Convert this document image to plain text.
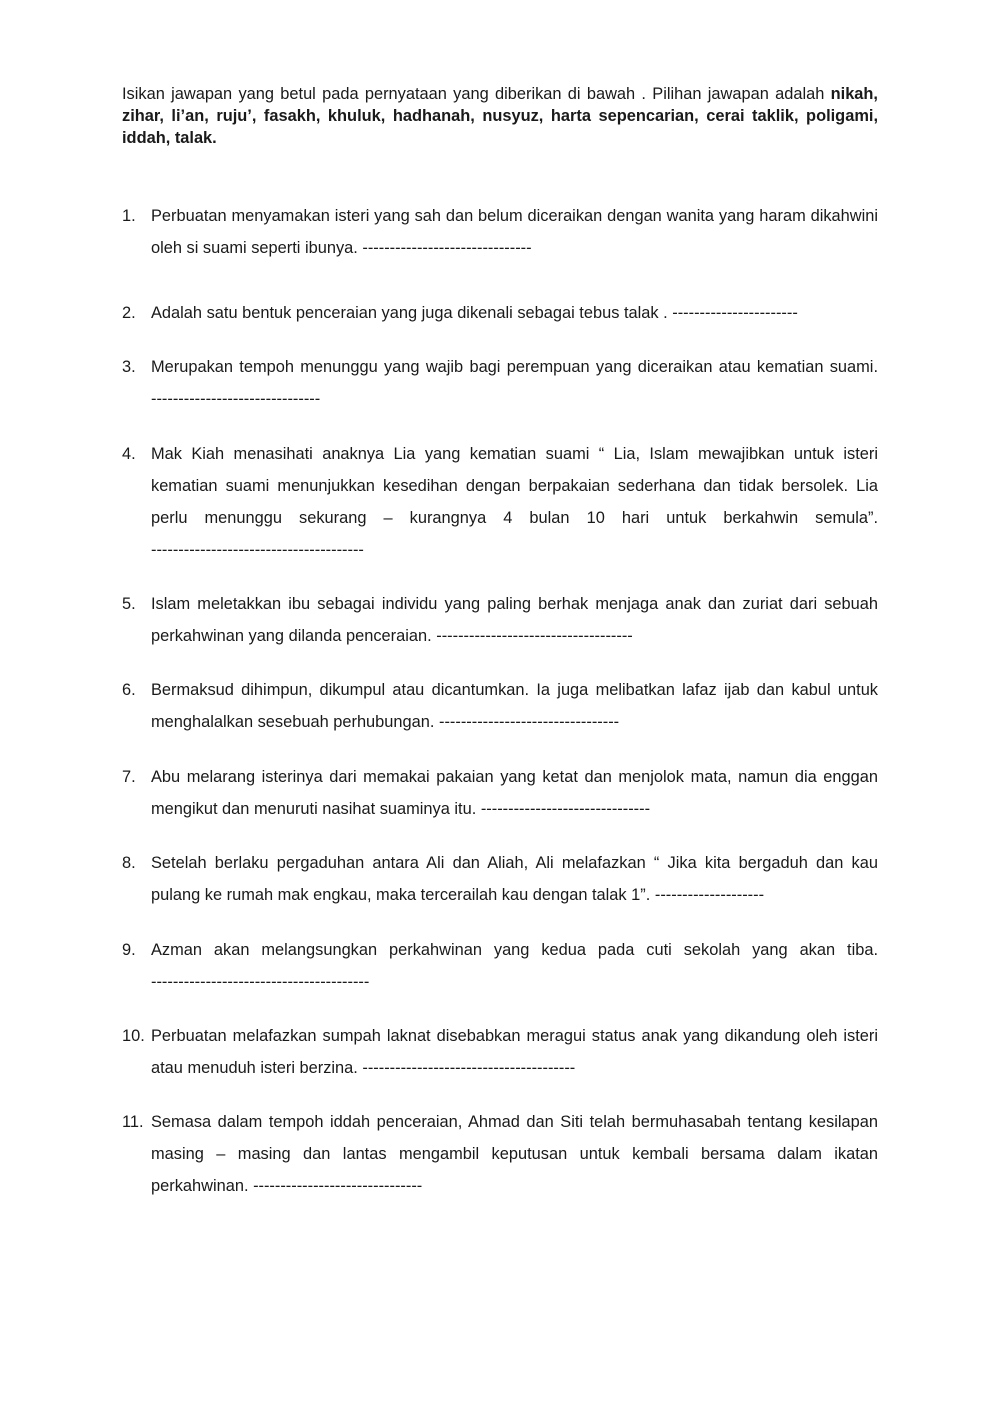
Isikan jawapan yang betul pada pernyataan yang diberikan di bawah . Pilihan jawapan adalah nikah, zihar, li’an, ruju’, fasakh, khuluk, hadhanah, nusyuz, harta sepencarian, cerai taklik, poligami, iddah, talak.
1. Perbuatan menyamakan isteri yang sah dan belum diceraikan dengan wanita yang haram dikahwini oleh si suami seperti ibunya. -------------------------------
2. Adalah satu bentuk penceraian yang juga dikenali sebagai tebus talak . -----------------------
3. Merupakan tempoh menunggu yang wajib bagi perempuan yang diceraikan atau kematian suami. -------------------------------
4. Mak Kiah menasihati anaknya Lia yang kematian suami “ Lia, Islam mewajibkan untuk isteri kematian suami menunjukkan kesedihan dengan berpakaian sederhana dan tidak bersolek. Lia perlu menunggu sekurang – kurangnya 4 bulan 10 hari untuk berkahwin semula”. ---------------------------------------
5. Islam meletakkan ibu sebagai individu yang paling berhak menjaga anak dan zuriat dari sebuah perkahwinan yang dilanda penceraian. ------------------------------------
6. Bermaksud dihimpun, dikumpul atau dicantumkan. Ia juga melibatkan lafaz ijab dan kabul untuk menghalalkan sesebuah perhubungan. ---------------------------------
7. Abu melarang isterinya dari memakai pakaian yang ketat dan menjolok mata, namun dia enggan mengikut dan menuruti nasihat suaminya itu. -------------------------------
8. Setelah berlaku pergaduhan antara Ali dan Aliah, Ali melafazkan “ Jika kita bergaduh dan kau pulang ke rumah mak engkau, maka tercerailah kau dengan talak 1”. --------------------
9. Azman akan melangsungkan perkahwinan yang kedua pada cuti sekolah yang akan tiba. ----------------------------------------
10. Perbuatan melafazkan sumpah laknat disebabkan meragui status anak yang dikandung oleh isteri atau menuduh isteri berzina. ---------------------------------------
11. Semasa dalam tempoh iddah penceraian, Ahmad dan Siti telah bermuhasabah tentang kesilapan masing – masing dan lantas mengambil keputusan untuk kembali bersama dalam ikatan perkahwinan. -------------------------------
